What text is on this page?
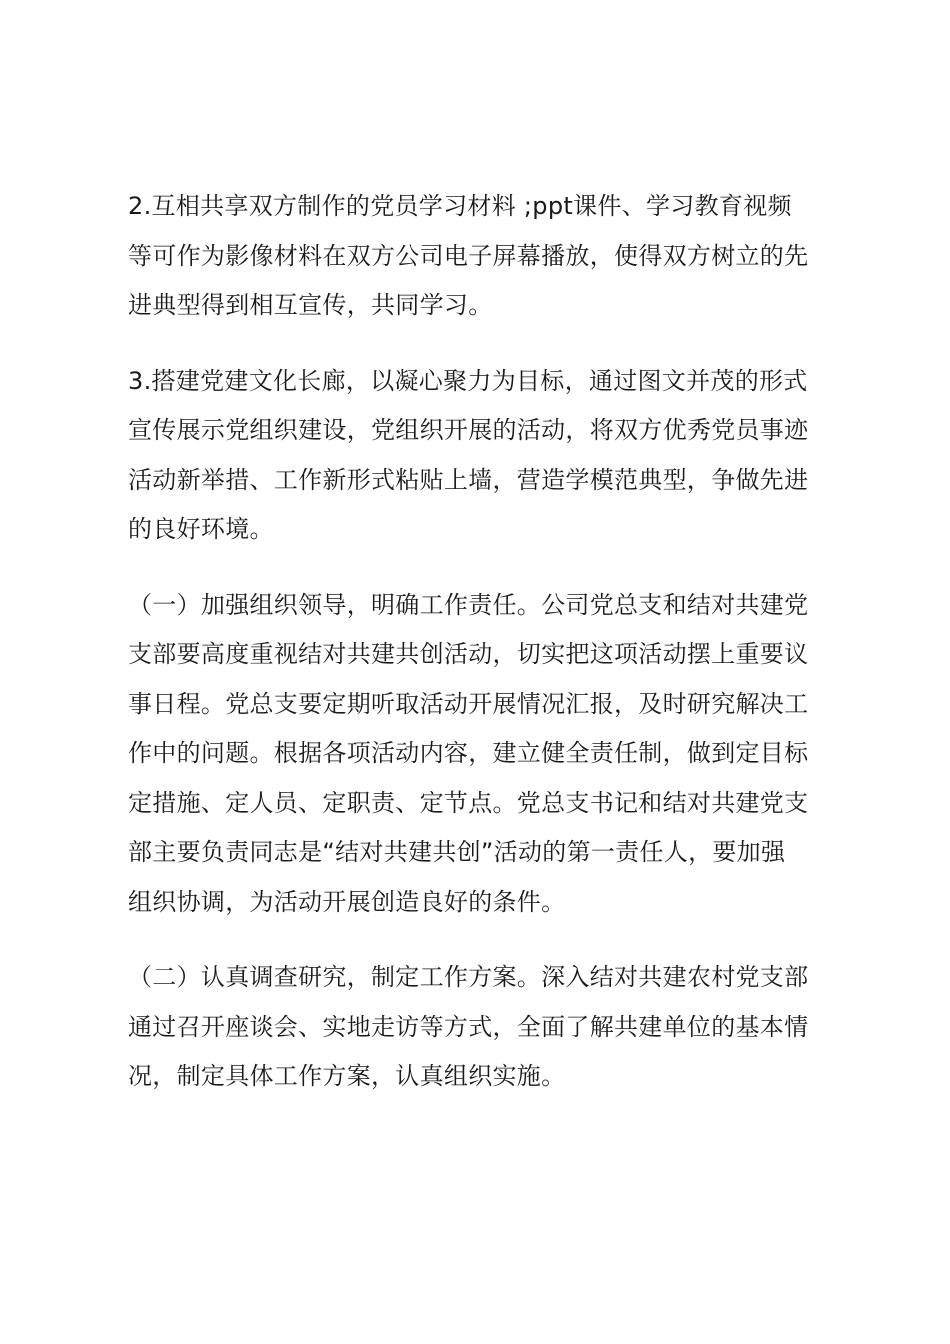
2.互相共享双方制作的党员学习材料 ;ppt课件、学习教育视频
等可作为影像材料在双方公司电子屏幕播放，使得双方树立的先
进典型得到相互宣传，共同学习。

3.搭建党建文化长廊，以凝心聚力为目标，通过图文并茂的形式
宣传展示党组织建设，党组织开展的活动，将双方优秀党员事迹
活动新举措、工作新形式粘贴上墙，营造学模范典型，争做先进
的良好环境。

（一）加强组织领导，明确工作责任。公司党总支和结对共建党
支部要高度重视结对共建共创活动，切实把这项活动摆上重要议
事日程。党总支要定期听取活动开展情况汇报，及时研究解决工
作中的问题。根据各项活动内容，建立健全责任制，做到定目标
定措施、定人员、定职责、定节点。党总支书记和结对共建党支
部主要负责同志是“结对共建共创”活动的第一责任人，要加强
组织协调，为活动开展创造良好的条件。

（二）认真调查研究，制定工作方案。深入结对共建农村党支部
通过召开座谈会、实地走访等方式，全面了解共建单位的基本情
况，制定具体工作方案，认真组织实施。
